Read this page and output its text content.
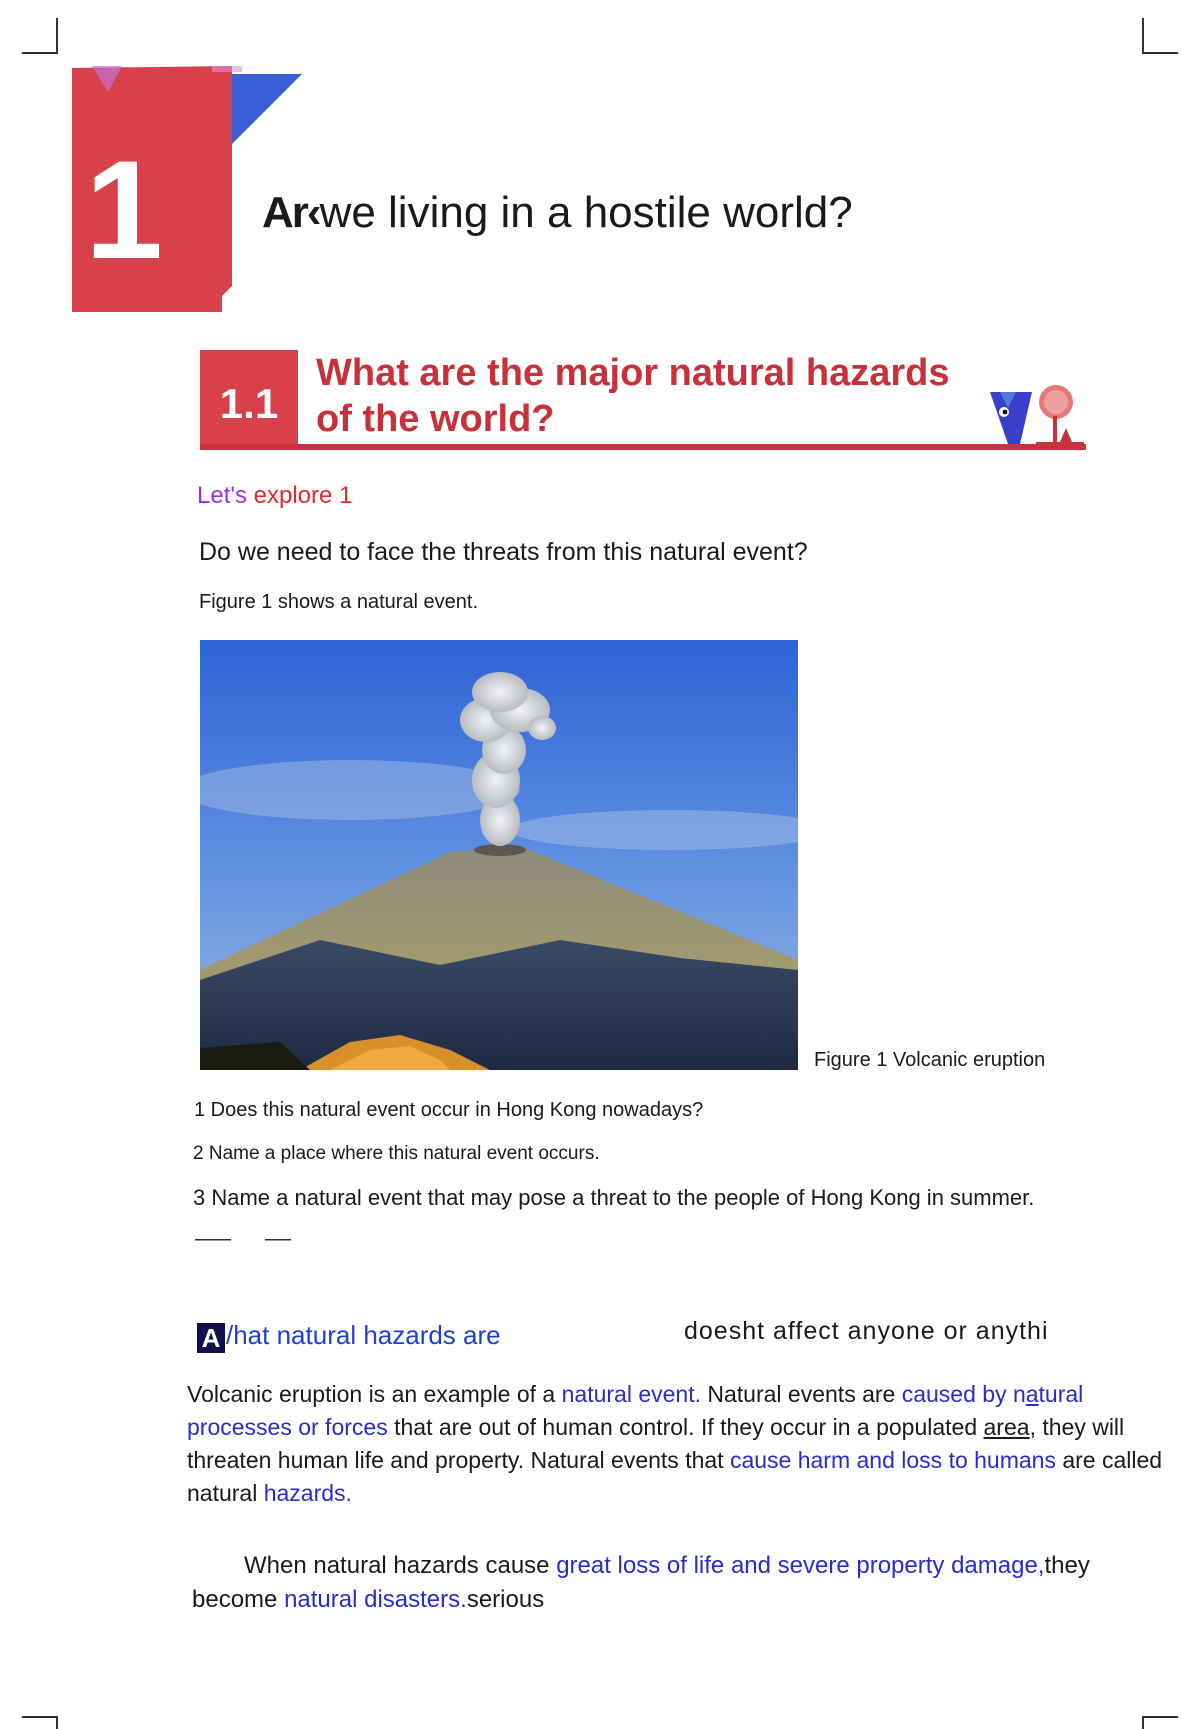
1 Ar‹we living in a hostile world?
1.1
What are the major natural hazards
of the world?
Let's explore 1
Do we need to face the threats from this natural event?
Figure 1 shows a natural event.
Figure 1 Volcanic eruption
1 Does this natural event occur in Hong Kong nowadays?
2 Name a place where this natural event occurs.
3 Name a natural event that may pose a threat to the people of Hong Kong in summer.
A /hat natural hazards are	doesht affect anyone or anythi
Volcanic eruption is an example of a natural event. Natural events are caused by natural processes or forces that are out of human control. If they occur in a populated area, they will threaten human life and property. Natural events that cause harm and loss to humans are called natural hazards.
When natural hazards cause great loss of life and severe property damage,they become natural disasters.serious
